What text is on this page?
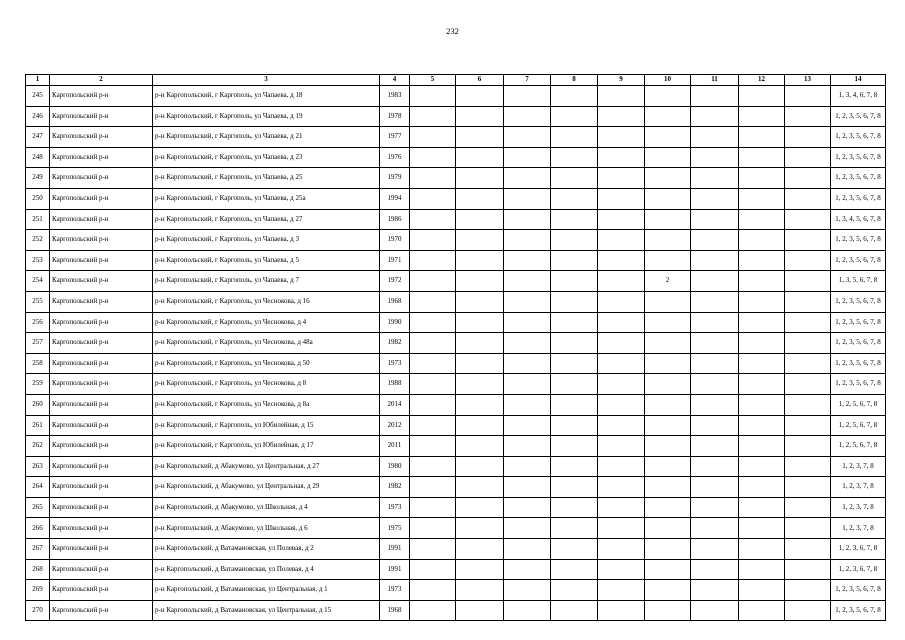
232
1	2	3	4	5	6	7	8	9	10	11	12	13	14
245	Каргопольский р-н	р-н Каргопольский, г Каргополь, ул Чапаева, д 18	1983										1, 3, 4, 6, 7, 8
246	Каргопольский р-н	р-н Каргопольский, г Каргополь, ул Чапаева, д 19	1978										1, 2, 3, 5, 6, 7, 8
247	Каргопольский р-н	р-н Каргопольский, г Каргополь, ул Чапаева, д 21	1977										1, 2, 3, 5, 6, 7, 8
248	Каргопольский р-н	р-н Каргопольский, г Каргополь, ул Чапаева, д 23	1976										1, 2, 3, 5, 6, 7, 8
249	Каргопольский р-н	р-н Каргопольский, г Каргополь, ул Чапаева, д 25	1979										1, 2, 3, 5, 6, 7, 8
250	Каргопольский р-н	р-н Каргопольский, г Каргополь, ул Чапаева, д 25а	1994										1, 2, 3, 5, 6, 7, 8
251	Каргопольский р-н	р-н Каргопольский, г Каргополь, ул Чапаева, д 27	1986										1, 3, 4, 5, 6, 7, 8
252	Каргопольский р-н	р-н Каргопольский, г Каргополь, ул Чапаева, д 3	1970										1, 2, 3, 5, 6, 7, 8
253	Каргопольский р-н	р-н Каргопольский, г Каргополь, ул Чапаева, д 5	1971										1, 2, 3, 5, 6, 7, 8
254	Каргопольский р-н	р-н Каргопольский, г Каргополь, ул Чапаева, д 7	1972						2				1, 3, 5, 6, 7, 8
255	Каргопольский р-н	р-н Каргопольский, г Каргополь, ул Чеснокова, д 16	1968										1, 2, 3, 5, 6, 7, 8
256	Каргопольский р-н	р-н Каргопольский, г Каргополь, ул Чеснокова, д 4	1990										1, 2, 3, 5, 6, 7, 8
257	Каргопольский р-н	р-н Каргопольский, г Каргополь, ул Чеснокова, д 48а	1982										1, 2, 3, 5, 6, 7, 8
258	Каргопольский р-н	р-н Каргопольский, г Каргополь, ул Чеснокова, д 50	1973										1, 2, 3, 5, 6, 7, 8
259	Каргопольский р-н	р-н Каргопольский, г Каргополь, ул Чеснокова, д 8	1988										1, 2, 3, 5, 6, 7, 8
260	Каргопольский р-н	р-н Каргопольский, г Каргополь, ул Чеснокова, д 8а	2014										1, 2, 5, 6, 7, 8
261	Каргопольский р-н	р-н Каргопольский, г Каргополь, ул Юбилейная, д 15	2012										1, 2, 5, 6, 7, 8
262	Каргопольский р-н	р-н Каргопольский, г Каргополь, ул Юбилейная, д 17	2011										1, 2, 5, 6, 7, 8
263	Каргопольский р-н	р-н Каргопольский, д Абакумово, ул Центральная, д 27	1980										1, 2, 3, 7, 8
264	Каргопольский р-н	р-н Каргопольский, д Абакумово, ул Центральная, д 29	1982										1, 2, 3, 7, 8
265	Каргопольский р-н	р-н Каргопольский, д Абакумово, ул Школьная, д 4	1973										1, 2, 3, 7, 8
266	Каргопольский р-н	р-н Каргопольский, д Абакумово, ул Школьная, д 6	1975										1, 2, 3, 7, 8
267	Каргопольский р-н	р-н Каргопольский, д Ватамановская, ул Полевая, д 2	1991										1, 2, 3, 6, 7, 8
268	Каргопольский р-н	р-н Каргопольский, д Ватамановская, ул Полевая, д 4	1991										1, 2, 3, 6, 7, 8
269	Каргопольский р-н	р-н Каргопольский, д Ватамановская, ул Центральная, д 1	1973										1, 2, 3, 5, 6, 7, 8
270	Каргопольский р-н	р-н Каргопольский, д Ватамановская, ул Центральная, д 15	1968										1, 2, 3, 5, 6, 7, 8
